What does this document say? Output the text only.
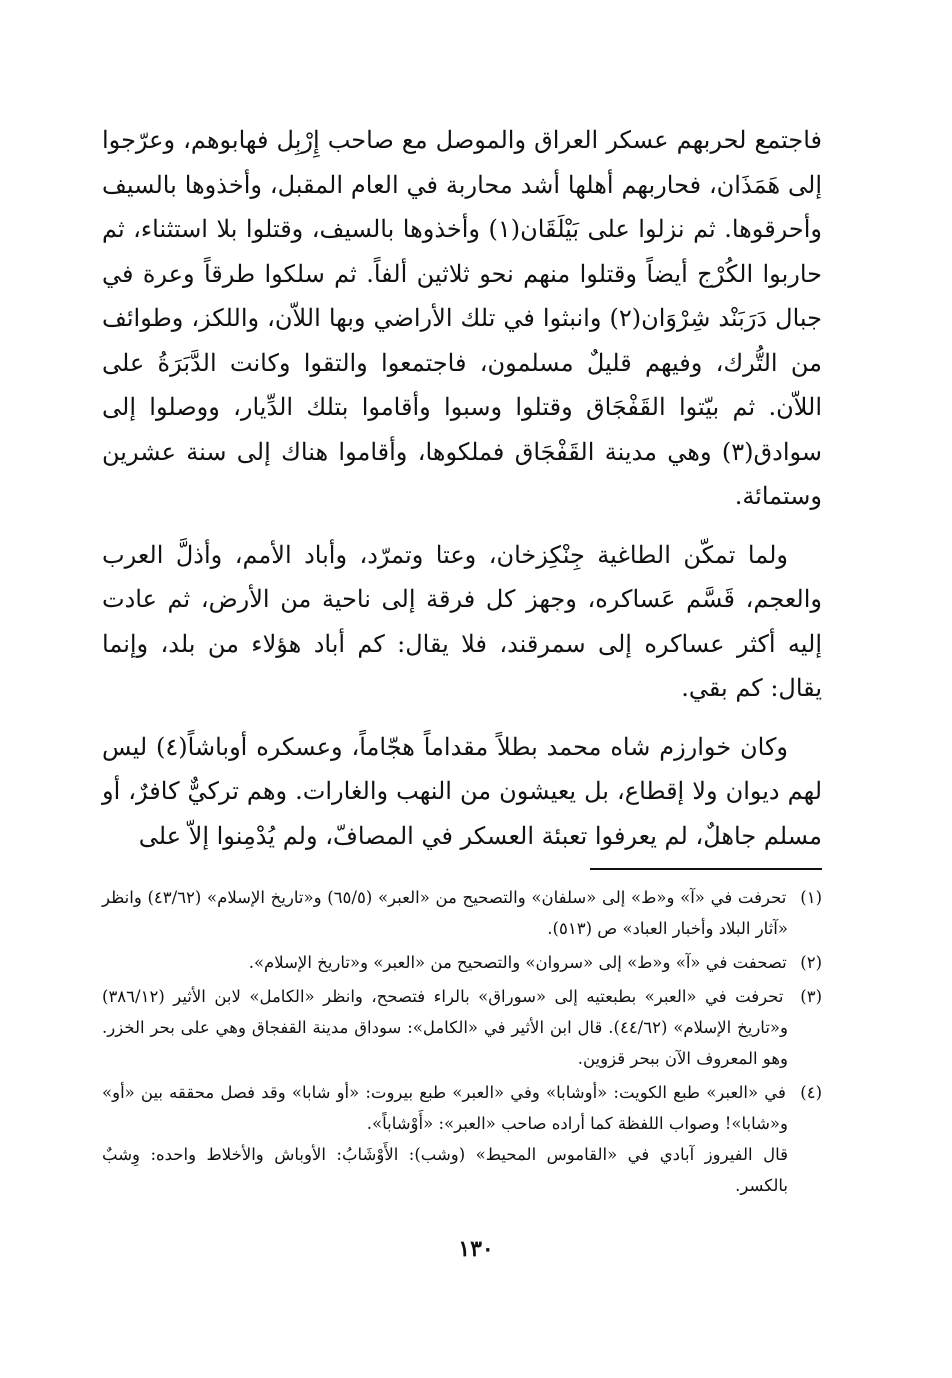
فاجتمع لحربهم عسكر العراق والموصل مع صاحب إِرْبِل فهابوهم، وعرّجوا إلى هَمَذَان، فحاربهم أهلها أشد محاربة في العام المقبل، وأخذوها بالسيف وأحرقوها. ثم نزلوا على بَيْلَقَان(١) وأخذوها بالسيف، وقتلوا بلا استثناء، ثم حاربوا الكُرْج أيضاً وقتلوا منهم نحو ثلاثين ألفاً. ثم سلكوا طرقاً وعرة في جبال دَرَبَنْد شِرْوَان(٢) وانبثوا في تلك الأراضي وبها اللاّن، واللكز، وطوائف من التُّرك، وفيهم قليلٌ مسلمون، فاجتمعوا والتقوا وكانت الدَّبَرَةُ على اللاّن. ثم بيّتوا القَفْجَاق وقتلوا وسبوا وأقاموا بتلك الدِّيار، ووصلوا إلى سوادق(٣) وهي مدينة القَفْجَاق فملكوها، وأقاموا هناك إلى سنة عشرين وستمائة.

ولما تمكّن الطاغية جِنْكِزخان، وعتا وتمرّد، وأباد الأمم، وأذلَّ العرب والعجم، قَسَّم عَساكره، وجهز كل فرقة إلى ناحية من الأرض، ثم عادت إليه أكثر عساكره إلى سمرقند، فلا يقال: كم أباد هؤلاء من بلد، وإنما يقال: كم بقي.

وكان خوارزم شاه محمد بطلاً مقداماً هجّاماً، وعسكره أوباشاً(٤) ليس لهم ديوان ولا إقطاع، بل يعيشون من النهب والغارات. وهم تركيٌّ كافرٌ، أو مسلم جاهلٌ، لم يعرفوا تعبئة العسكر في المصافّ، ولم يُدْمِنوا إلاّ على

(١) تحرفت في «آ» و«ط» إلى «سلفان» والتصحيح من «العبر» (٦٥/٥) و«تاريخ الإسلام» (٤٣/٦٢) وانظر «آثار البلاد وأخبار العباد» ص (٥١٣).

(٢) تصحفت في «آ» و«ط» إلى «سروان» والتصحيح من «العبر» و«تاريخ الإسلام».

(٣) تحرفت في «العبر» بطبعتيه إلى «سوراق» بالراء فتصحح، وانظر «الكامل» لابن الأثير (٣٨٦/١٢) و«تاريخ الإسلام» (٤٤/٦٢). قال ابن الأثير في «الكامل»: سوداق مدينة القفجاق وهي على بحر الخزر. وهو المعروف الآن ببحر قزوين.

(٤) في «العبر» طبع الكويت: «أوشابا» وفي «العبر» طبع بيروت: «أو شابا» وقد فصل محققه بين «أو» و«شابا»! وصواب اللفظة كما أراده صاحب «العبر»: «أَوْشاباً».

قال الفيروز آبادي في «القاموس المحيط» (وشب): الأَوْشَابُ: الأوباش والأخلاط واحده: وِشبٌ بالكسر.

١٣٠
